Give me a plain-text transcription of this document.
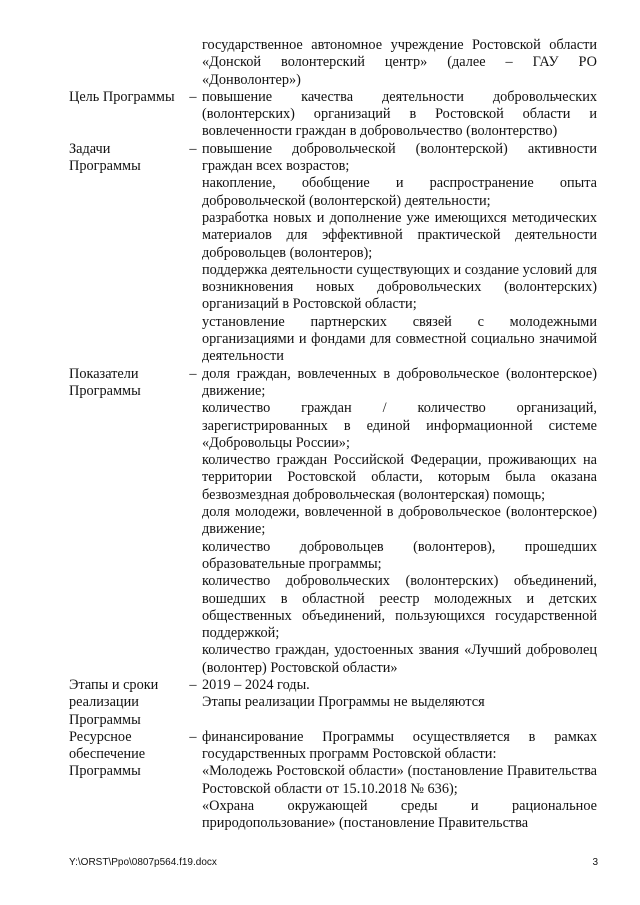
государственное автономное учреждение Ростовской области «Донской волонтерский центр» (далее – ГАУ РО «Донволонтер»)

Цель Программы	– повышение качества деятельности добровольческих (волонтерских) организаций в Ростовской области и вовлеченности граждан в добровольчество (волонтерство)

Задачи Программы
– повышение добровольческой (волонтерской) активности граждан всех возрастов;

накопление, обобщение и распространение опыта добровольческой (волонтерской) деятельности;

разработка новых и дополнение уже имеющихся методических материалов для эффективной практической деятельности добровольцев (волонтеров);

поддержка деятельности существующих и создание условий для возникновения новых добровольческих (волонтерских) организаций в Ростовской области;

установление партнерских связей с молодежными организациями и фондами для совместной социально значимой деятельности

Показатели Программы
– доля граждан, вовлеченных в добровольческое (волонтерское) движение;

количество граждан / количество организаций, зарегистрированных в единой информационной системе «Добровольцы России»;

количество граждан Российской Федерации, проживающих на территории Ростовской области, которым была оказана безвозмездная добровольческая (волонтерская) помощь;

доля молодежи, вовлеченной в добровольческое (волонтерское) движение;

количество добровольцев (волонтеров), прошедших образовательные программы;

количество добровольческих (волонтерских) объединений, вошедших в областной реестр молодежных и детских общественных объединений, пользующихся государственной поддержкой;

количество граждан, удостоенных звания «Лучший доброволец (волонтер) Ростовской области»

Этапы и сроки реализации Программы
– 2019 – 2024 годы.

Этапы реализации Программы не выделяются

Ресурсное обеспечение Программы
– финансирование Программы осуществляется в рамках государственных программ Ростовской области:

«Молодежь Ростовской области» (постановление Правительства Ростовской области от 15.10.2018 № 636);

«Охрана окружающей среды и рациональное природопользование» (постановление Правительства

Y:\ORST\Ppo\0807p564.f19.docx	3
